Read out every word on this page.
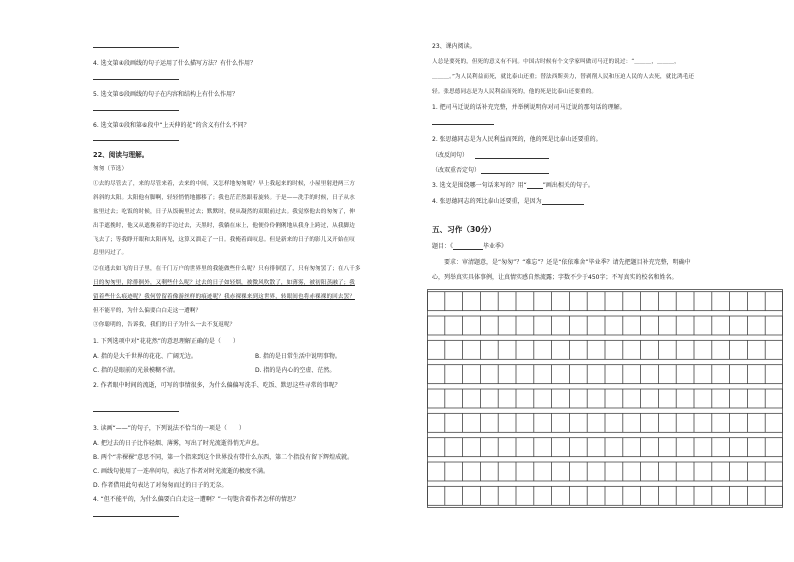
4. 选文第④段画线的句子运用了什么描写方法？有什么作用？
5. 选文第⑤段画线的句子在内容和结构上有什么作用？
6. 选文第①段和第⑥段中“上天伸的花”的含义有什么不同？
22、阅读与理解。
匆匆（节选）
①去的尽管去了，来的尽管来着，去来的中间，又怎样地匆匆呢？早上我起来的时候，小屋里射进两三方
斜斜的太阳。太阳他有脚啊，轻轻悄悄地挪移了；我也茫茫然跟着旋转。于是——洗手的时候，日子从水
盆里过去；吃饭的时候，日子从饭碗里过去；默默时，便从凝然的双眼前过去。我觉察他去的匆匆了，伸
出手遮挽时，他又从遮挽着的手边过去，天黑时，我躺在床上，他便伶伶俐俐地从我身上跨过，从我脚边
飞去了；等我睁开眼和太阳再见，这算又溜走了一日。我掩着面叹息。但是新来的日子的影儿又开始在叹
息里闪过了。
②在逃去如飞的日子里，在千门万户的世界里的我能做些什么呢？只有徘徊罢了，只有匆匆罢了；在八千多
日的匆匆里，除徘徊外，又剩些什么呢？过去的日子如轻烟，被微风吹散了，如薄雾，被初阳蒸融了；我
留着些什么痕迹呢？我何曾留着像游丝样的痕迹呢？我赤裸裸来到这世界，转眼间也将赤裸裸的回去罢？
但不能平的，为什么偏要白白走这一遭啊？
③你聪明的，告诉我，我们的日子为什么一去不复返呢？
1. 下列选项中对“花花然”的意思理解正确的是（　　）
A. 指的是大千世界的花花、广阔无边。	B. 指的是日常生活中说明事物。
C. 指的是眼前的光景模糊不清。	D. 指的是内心的空虚、茫然。
2. 作者眼中时间的流逝，可写的事情很多，为什么偏偏写洗手、吃饭、默思这些寻常的事呢？
3. 读画“——”的句子，下列说法不恰当的一项是（　　）
A. 把过去的日子比作轻烟、薄雾，写出了时光流逝得悄无声息。
B. 两个“赤裸裸”意思不同，第一个指来到这个世界没有带什么东西，第二个指没有留下辉煌成就。
C. 画线句使用了一连串问句，表达了作者对时光流逝的极度不满。
D. 作者借用此句表达了对匆匆而过的日子的无奈。
4. “但不能平的，为什么偏要白白走这一遭啊？”一句饱含着作者怎样的情思？
23、课内阅读。
人总是要死的，但死的意义有不同。中国古时候有个文学家叫做司马迁的说过：“＿＿＿，＿＿＿，
＿＿＿。”为人民利益而死，就比泰山还重；替法西斯卖力，替剥削人民和压迫人民的人去死，就比鸿毛还
轻。张思德同志是为人民利益而死的，他的死是比泰山还要重的。
1. 把司马迁说的话补充完整，并举例说明你对司马迁说的那句话的理解。
2. 张思德同志是为人民利益而死的，他的死是比泰山还要重的。
（改反问句）
（改双重否定句）
3. 选文是围绕哪一句话来写的？用“	”画出相关的句子。
4. 张思德同志的死比泰山还要重，是因为
五、习作（30分）
题目：《	毕业季》
要求：审清题意，是“匆匆”？“难忘”？还是“依依难舍”毕业季？请先把题目补充完整，明确中
心，列举真实具体事例，让真情实感自然流露；字数不少于450字；不写真实的校名和姓名。
